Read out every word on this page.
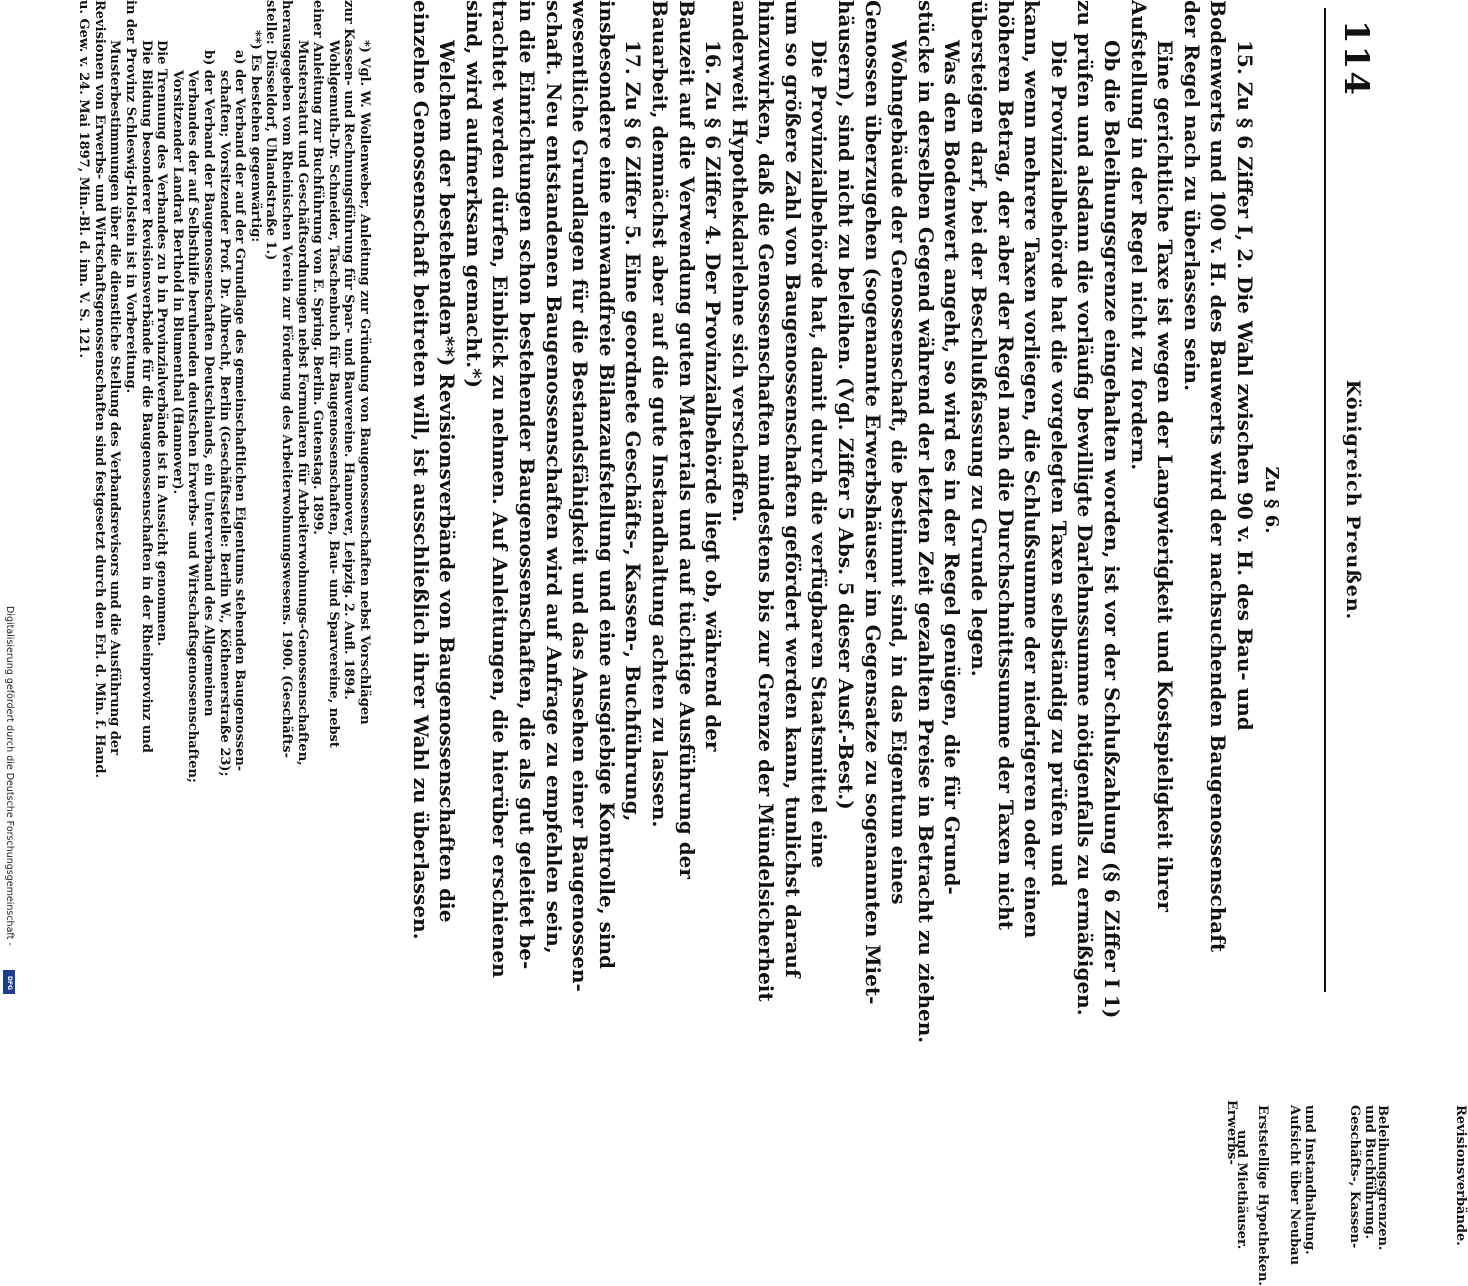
114
Königreich Preußen.
Zu § 6.
15. Zu § 6 Ziffer I, 2. Die Wahl zwischen 90 v. H. des Bau- und
Bodenwerts und 100 v. H. des Bauwerts wird der nachsuchenden Baugenossenschaft
der Regel nach zu überlassen sein.
Eine gerichtliche Taxe ist wegen der Langwierigkeit und Kostspieligkeit ihrer
Aufstellung in der Regel nicht zu fordern.
Ob die Beleihungsgrenze eingehalten worden, ist vor der Schlußzahlung (§ 6 Ziffer I 1)
zu prüfen und alsdann die vorläufig bewilligte Darlehnssumme nötigenfalls zu ermäßigen.
Die Provinzialbehörde hat die vorgelegten Taxen selbständig zu prüfen und
kann, wenn mehrere Taxen vorliegen, die Schlußsumme der niedrigeren oder einen
höheren Betrag, der aber der Regel nach die Durchschnittssumme der Taxen nicht
übersteigen darf, bei der Beschlußfassung zu Grunde legen.
Was den Bodenwert angeht, so wird es in der Regel genügen, die für Grund-
stücke in derselben Gegend während der letzten Zeit gezahlten Preise in Betracht zu ziehen.
Wohngebäude der Genossenschaft, die bestimmt sind, in das Eigentum eines
Genossen überzugehen (sogenannte Erwerbshäuser im Gegensatze zu sogenannten Miet-
häusern), sind nicht zu beleihen. (Vgl. Ziffer 5 Abs. 5 dieser Ausf.-Best.)
Die Provinzialbehörde hat, damit durch die verfügbaren Staatsmittel eine
um so größere Zahl von Baugenossenschaften gefördert werden kann, tunlichst darauf
hinzuwirken, daß die Genossenschaften mindestens bis zur Grenze der Mündelsicherheit
anderweit Hypothekdarlehne sich verschaffen.
16. Zu § 6 Ziffer 4. Der Provinzialbehörde liegt ob, während der
Bauzeit auf die Verwendung guten Materials und auf tüchtige Ausführung der
Bauarbeit, demnächst aber auf die gute Instandhaltung achten zu lassen.
17. Zu § 6 Ziffer 5. Eine geordnete Geschäfts-, Kassen-, Buchführung,
insbesondere eine einwandfreie Bilanzaufstellung und eine ausgiebige Kontrolle, sind
wesentliche Grundlagen für die Bestandsfähigkeit und das Ansehen einer Baugenossen-
schaft. Neu entstandenen Baugenossenschaften wird auf Anfrage zu empfehlen sein,
in die Einrichtungen schon bestehender Baugenossenschaften, die als gut geleitet be-
trachtet werden dürfen, Einblick zu nehmen. Auf Anleitungen, die hierüber erschienen
sind, wird aufmerksam gemacht.*)
Welchem der bestehenden**) Revisionsverbände von Baugenossenschaften die
einzelne Genossenschaft beitreten will, ist ausschließlich ihrer Wahl zu überlassen.
*) Vgl. W. Wollenweber, Anleitung zur Gründung von Baugenossenschaften nebst Vorschlägen
zur Kassen- und Rechnungsführung für Spar- und Bauvereine. Hannover, Leipzig. 2. Aufl. 1894.
Wohlgemuth-Dr. Schneider, Taschenbuch für Baugenossenschaften, Bau- und Sparvereine, nebst
einer Anleitung zur Buchführung von E. Spring. Berlin. Gutenstag. 1899.
Musterstatut und Geschäftsordnungen nebst Formularen für Arbeiterwohnungs-Genossenschaften,
herausgegeben vom Rheinischen Verein zur Förderung des Arbeiterwohnungswesens. 1900. (Geschäfts-
stelle: Düsseldorf, Uhlandstraße 1.)
**) Es bestehen gegenwärtig:
a) der Verband der auf der Grundlage des gemeinschaftlichen Eigentums stehenden Baugenossen-
schaften; Vorsitzender Prof. Dr. Albrecht, Berlin (Geschäftsstelle: Berlin W., Köthenerstraße 23);
b) der Verband der Baugenossenschaften Deutschlands, ein Unterverband des Allgemeinen
Verbandes der auf Selbsthilfe beruhenden deutschen Erwerbs- und Wirtschaftsgenossenschaften;
Vorsitzender Landrat Berthold in Blumenthal (Hannover).
Die Trennung des Verbandes zu b in Provinzialverbände ist in Aussicht genommen.
Die Bildung besonderer Revisionsverbände für die Baugenossenschaften in der Rheinprovinz und
in der Provinz Schleswig-Holstein ist in Vorbereitung.
Musterbestimmungen über die dienstliche Stellung des Verbandsrevisors und die Ausführung der
Revisionen von Erwerbs- und Wirtschaftsgenossenschaften sind festgesetzt durch den Erl. d. Min. f. Hand.
u. Gew. v. 24. Mai 1897, Min.-Bl. d. inn. V. S. 121.
Beleihungsgrenzen.
Erwerbs-
und Miethäuser. Erststellige Hypotheken. Aufsicht über Neubau und Instandhaltung. Geschäfts-, Kassen- und Buchführung.	Revisionsverbände.
Digitalisierung gefördert durch die Deutsche Forschungsgemeinschaft -
DFG
